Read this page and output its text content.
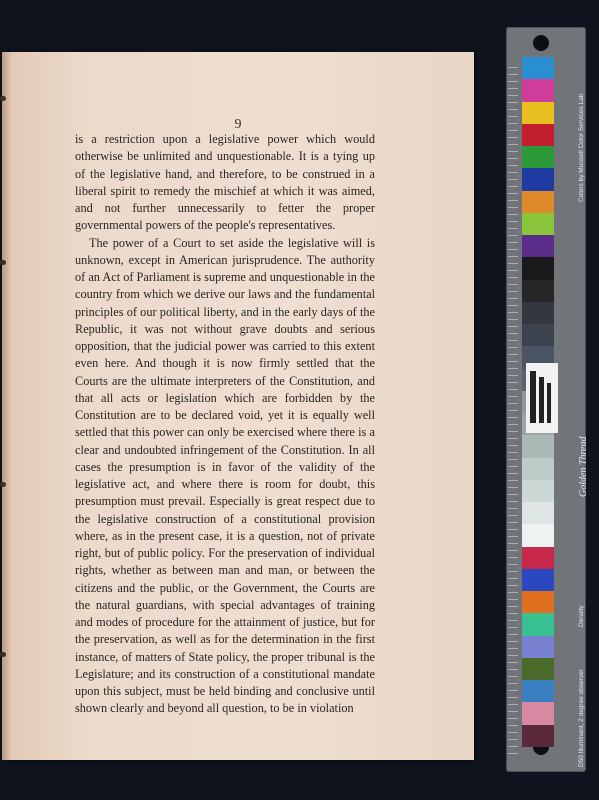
9

is a restriction upon a legislative power which would otherwise be unlimited and unquestionable. It is a tying up of the legislative hand, and therefore, to be construed in a liberal spirit to remedy the mischief at which it was aimed, and not further unnecessarily to fetter the proper governmental powers of the people's representatives.

The power of a Court to set aside the legislative will is unknown, except in American jurisprudence. The authority of an Act of Parliament is supreme and unquestionable in the country from which we derive our laws and the fundamental principles of our political liberty, and in the early days of the Republic, it was not without grave doubts and serious opposition, that the judicial power was carried to this extent even here. And though it is now firmly settled that the Courts are the ultimate interpreters of the Constitution, and that all acts or legislation which are forbidden by the Constitution are to be declared void, yet it is equally well settled that this power can only be exercised where there is a clear and undoubted infringement of the Constitution. In all cases the presumption is in favor of the validity of the legislative act, and where there is room for doubt, this presumption must prevail. Especially is great respect due to the legislative construction of a constitutional provision where, as in the present case, it is a question, not of private right, but of public policy. For the preservation of individual rights, whether as between man and man, or between the citizens and the public, or the Government, the Courts are the natural guardians, with special advantages of training and modes of procedure for the attainment of justice, but for the preservation, as well as for the determination in the first instance, of matters of State policy, the proper tribunal is the Legislature; and its construction of a constitutional mandate upon this subject, must be held binding and conclusive until shown clearly and beyond all question, to be in violation

Colors by Munsell Color Services Lab
Golden Thread
Density
D50 Illuminant, 2 degree observer
